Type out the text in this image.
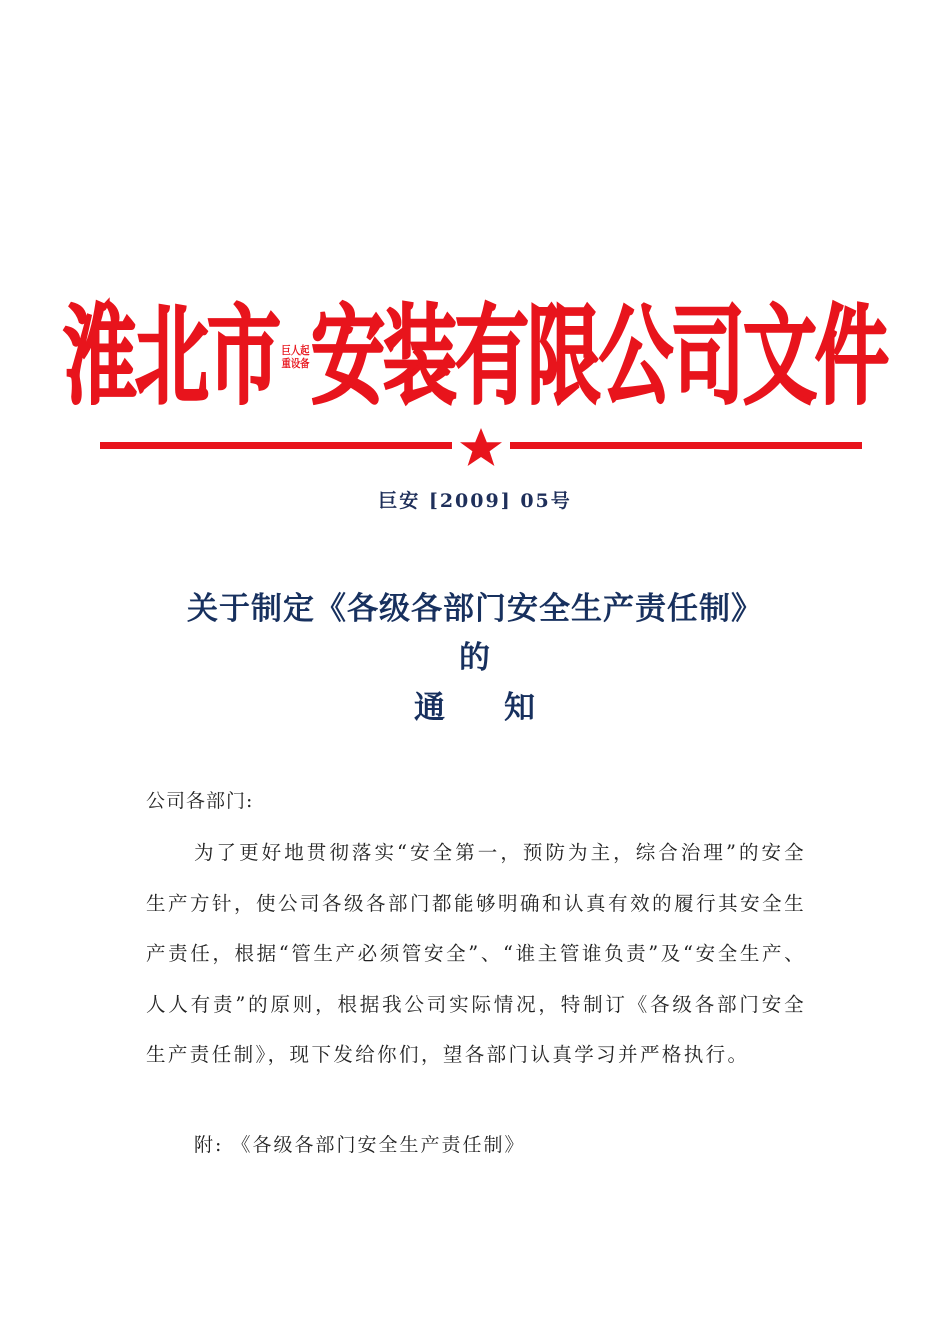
淮北市 巨人起
重设备 安装有限公司文件
巨安 [2009] 05号
关于制定《各级各部门安全生产责任制》
的
通 知
公司各部门:

为了更好地贯彻落实“安全第一，预防为主，综合治理”的安全生产方针，使公司各级各部门都能够明确和认真有效的履行其安全生产责任，根据“管生产必须管安全”、“谁主管谁负责”及“安全生产、人人有责”的原则，根据我公司实际情况，特制订《各级各部门安全生产责任制》，现下发给你们，望各部门认真学习并严格执行。

附: 《各级各部门安全生产责任制》
